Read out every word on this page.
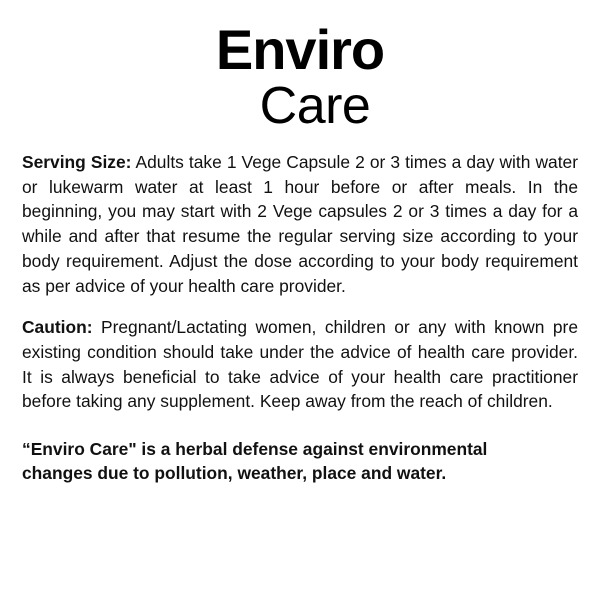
Enviro
Care

Serving Size: Adults take 1 Vege Capsule 2 or 3 times a day with water or lukewarm water at least 1 hour before or after meals. In the beginning, you may start with 2 Vege capsules 2 or 3 times a day for a while and after that resume the regular serving size according to your body requirement. Adjust the dose according to your body requirement as per advice of your health care provider.

Caution: Pregnant/Lactating women, children or any with known pre existing condition should take under the advice of health care provider. It is always beneficial to take advice of your health care practitioner before taking any supplement. Keep away from the reach of children.

“Enviro Care" is a herbal defense against environmental
changes due to pollution, weather, place and water.
